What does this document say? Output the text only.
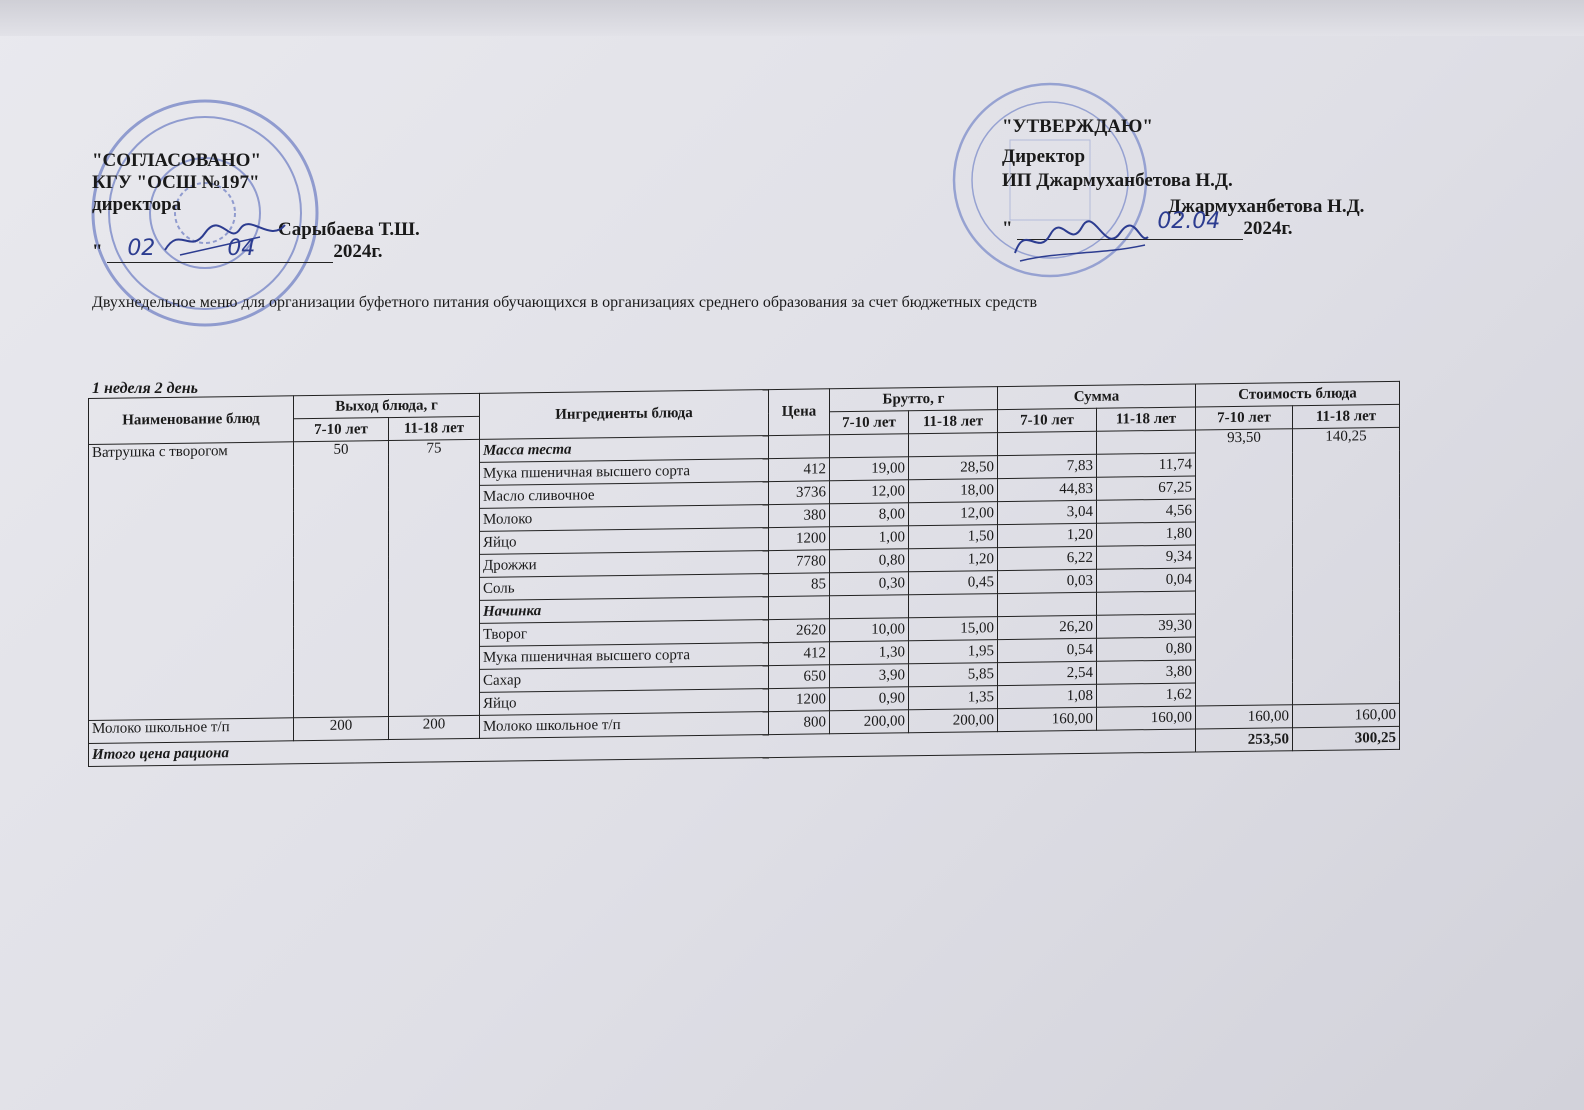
"СОГЛАСОВАНО"
КГУ "ОСШ №197"
директора
Сарыбаева Т.Ш.
" 02	04	2024г.
"УТВЕРЖДАЮ"
Директор
ИП Джармуханбетова Н.Д.
Джармуханбетова Н.Д.
"	02.04 2024г.
Двухнедельное меню для организации буфетного питания обучающихся в организациях среднего образования за счет бюджетных средств
1 неделя 2 день
Наименование блюд	Выход блюда, г		Ингредиенты блюда	Цена	Брутто, г		Сумма		Стоимость блюда	
	7-10 лет	11-18 лет			7-10 лет	11-18 лет	7-10 лет	11-18 лет	7-10 лет	11-18 лет
Ватрушка с творогом	50	75	Масса теста						93,50	140,25
			Мука пшеничная высшего сорта	412	19,00	28,50	7,83	11,74		
			Масло сливочное	3736	12,00	18,00	44,83	67,25		
			Молоко	380	8,00	12,00	3,04	4,56		
			Яйцо	1200	1,00	1,50	1,20	1,80		
			Дрожжи	7780	0,80	1,20	6,22	9,34		
			Соль	85	0,30	0,45	0,03	0,04		
			Начинка							
			Творог	2620	10,00	15,00	26,20	39,30		
			Мука пшеничная высшего сорта	412	1,30	1,95	0,54	0,80		
			Сахар	650	3,90	5,85	2,54	3,80		
			Яйцо	1200	0,90	1,35	1,08	1,62		
Молоко школьное т/п	200	200	Молоко школьное т/п	800	200,00	200,00	160,00	160,00	160,00	160,00
Итого цена рациона									253,50	300,25
